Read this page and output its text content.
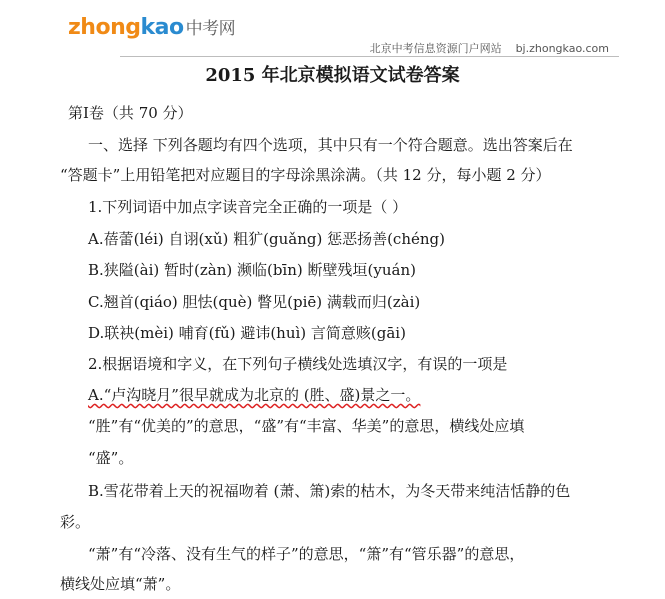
zhongkao 中考网
北京中考信息资源门户网站 bj.zhongkao.com
2015 年北京模拟语文试卷答案
第Ⅰ卷（共 70 分）
一、选择 下列各题均有四个选项，其中只有一个符合题意。选出答案后在
“答题卡”上用铅笔把对应题目的字母涂黑涂满。（共 12 分，每小题 2 分）
1.下列词语中加点字读音完全正确的一项是（ ）
A.蓓蕾(léi) 自诩(xǔ) 粗犷(guǎng) 惩恶扬善(chéng)
B.狭隘(ài) 暂时(zàn) 濒临(bīn) 断壁残垣(yuán)
C.翘首(qiáo) 胆怯(què) 瞥见(piē) 满载而归(zài)
D.联袂(mèi) 哺育(fǔ) 避讳(huì) 言简意赅(gāi)
2.根据语境和字义，在下列句子横线处选填汉字，有误的一项是
A.“卢沟晓月”很早就成为北京的 (胜、盛)景之一。
“胜”有“优美的”的意思，“盛”有“丰富、华美”的意思，横线处应填
“盛”。
B.雪花带着上天的祝福吻着 (萧、箫)索的枯木，为冬天带来纯洁恬静的色
彩。
“萧”有“冷落、没有生气的样子”的意思，“箫”有“管乐器”的意思，
横线处应填“萧”。
